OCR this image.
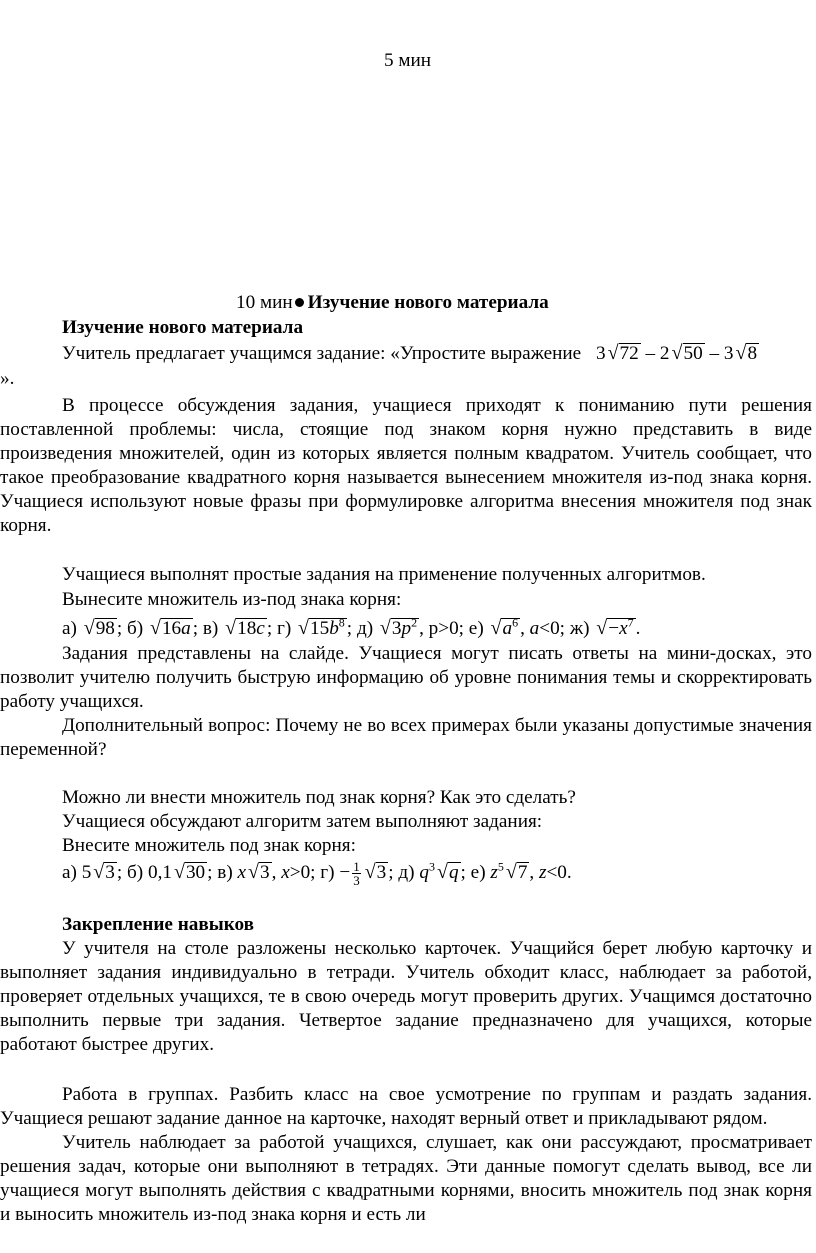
5 мин
10 мин Изучение нового материала

Изучение нового материала

Учитель предлагает учащимся задание: «Упростите выражение 3 √72 – 2 √50 – 3 √8

».

В процессе обсуждения задания, учащиеся приходят к пониманию пути решения поставленной проблемы: числа, стоящие под знаком корня нужно представить в виде произведения множителей, один из которых является полным квадратом. Учитель сообщает, что такое преобразование квадратного корня называется вынесением множителя из-под знака корня. Учащиеся используют новые фразы при формулировке алгоритма внесения множителя под знак корня.

Учащиеся выполнят простые задания на применение полученных алгоритмов.

Вынесите множитель из-под знака корня:

а) √98 ; б) √16a ; в) √18c ; г) $√15b^8$ ; д) $√3p^2$ , p>0; е) $√a^6$ , a<0; ж) $√-x^7$ .

Задания представлены на слайде. Учащиеся могут писать ответы на мини-досках, это позволит учителю получить быструю информацию об уровне понимания темы и скорректировать работу учащихся.

Дополнительный вопрос: Почему не во всех примерах были указаны допустимые значения переменной?

Можно ли внести множитель под знак корня? Как это сделать?

Учащиеся обсуждают алгоритм затем выполняют задания:

Внесите множитель под знак корня:

а) 5 √3 ; б) 0,1 √30 ; в) x √3 , x>0; $г) - \frac{1}{3} √3$ ; д) $q^3$ √q ; е) $z^5$ √7 , z<0.

Закрепление навыков

У учителя на столе разложены несколько карточек. Учащийся берет любую карточку и выполняет задания индивидуально в тетради. Учитель обходит класс, наблюдает за работой, проверяет отдельных учащихся, те в свою очередь могут проверить других. Учащимся достаточно выполнить первые три задания. Четвертое задание предназначено для учащихся, которые работают быстрее других.

Работа в группах. Разбить класс на свое усмотрение по группам и раздать задания. Учащиеся решают задание данное на карточке, находят верный ответ и прикладывают рядом.

Учитель наблюдает за работой учащихся, слушает, как они рассуждают, просматривает решения задач, которые они выполняют в тетрадях. Эти данные помогут сделать вывод, все ли учащиеся могут выполнять действия с квадратными корнями, вносить множитель под знак корня и выносить множитель из-под знака корня и есть ли
